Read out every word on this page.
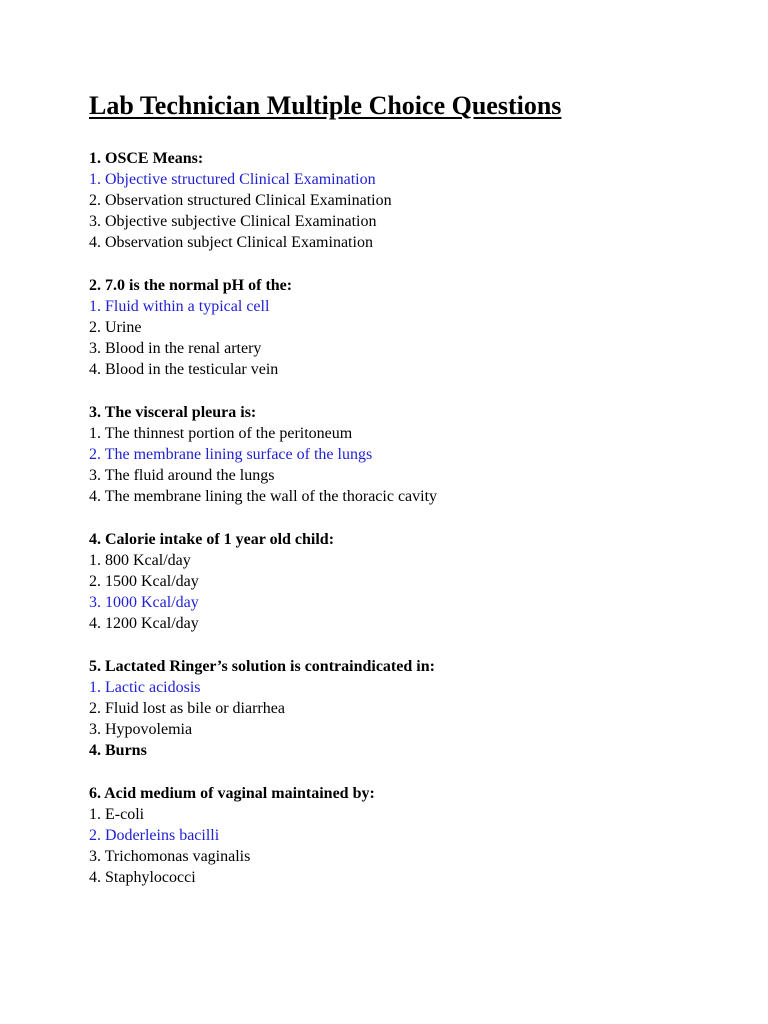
Lab Technician Multiple Choice Questions

1. OSCE Means:

1. Objective structured Clinical Examination
2. Observation structured Clinical Examination
3. Objective subjective Clinical Examination
4. Observation subject Clinical Examination

2. 7.0 is the normal pH of the:

1. Fluid within a typical cell
2. Urine
3. Blood in the renal artery
4. Blood in the testicular vein

3. The visceral pleura is:

1. The thinnest portion of the peritoneum
2. The membrane lining surface of the lungs
3. The fluid around the lungs
4. The membrane lining the wall of the thoracic cavity

4. Calorie intake of 1 year old child:

1. 800 Kcal/day
2. 1500 Kcal/day
3. 1000 Kcal/day
4. 1200 Kcal/day

5. Lactated Ringer’s solution is contraindicated in:

1. Lactic acidosis
2. Fluid lost as bile or diarrhea
3. Hypovolemia
4. Burns

6. Acid medium of vaginal maintained by:

1. E-coli
2. Doderleins bacilli
3. Trichomonas vaginalis
4. Staphylococci
